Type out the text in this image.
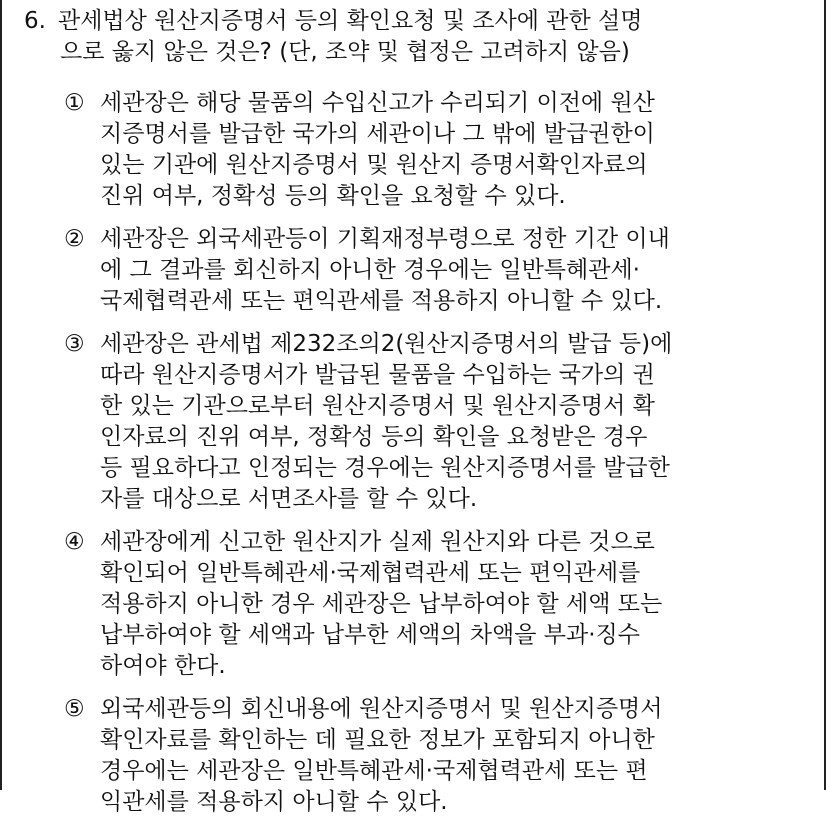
6. 관세법상 원산지증명서 등의 확인요청 및 조사에 관한 설명
으로 옳지 않은 것은? (단, 조약 및 협정은 고려하지 않음)
① 세관장은 해당 물품의 수입신고가 수리되기 이전에 원산
지증명서를 발급한 국가의 세관이나 그 밖에 발급권한이
있는 기관에 원산지증명서 및 원산지 증명서확인자료의
진위 여부, 정확성 등의 확인을 요청할 수 있다.
② 세관장은 외국세관등이 기획재정부령으로 정한 기간 이내
에 그 결과를 회신하지 아니한 경우에는 일반특혜관세·
국제협력관세 또는 편익관세를 적용하지 아니할 수 있다.
③ 세관장은 관세법 제232조의2(원산지증명서의 발급 등)에
따라 원산지증명서가 발급된 물품을 수입하는 국가의 권
한 있는 기관으로부터 원산지증명서 및 원산지증명서 확
인자료의 진위 여부, 정확성 등의 확인을 요청받은 경우
등 필요하다고 인정되는 경우에는 원산지증명서를 발급한
자를 대상으로 서면조사를 할 수 있다.
④ 세관장에게 신고한 원산지가 실제 원산지와 다른 것으로
확인되어 일반특혜관세·국제협력관세 또는 편익관세를
적용하지 아니한 경우 세관장은 납부하여야 할 세액 또는
납부하여야 할 세액과 납부한 세액의 차액을 부과·징수
하여야 한다.
⑤ 외국세관등의 회신내용에 원산지증명서 및 원산지증명서
확인자료를 확인하는 데 필요한 정보가 포함되지 아니한
경우에는 세관장은 일반특혜관세·국제협력관세 또는 편
익관세를 적용하지 아니할 수 있다.
